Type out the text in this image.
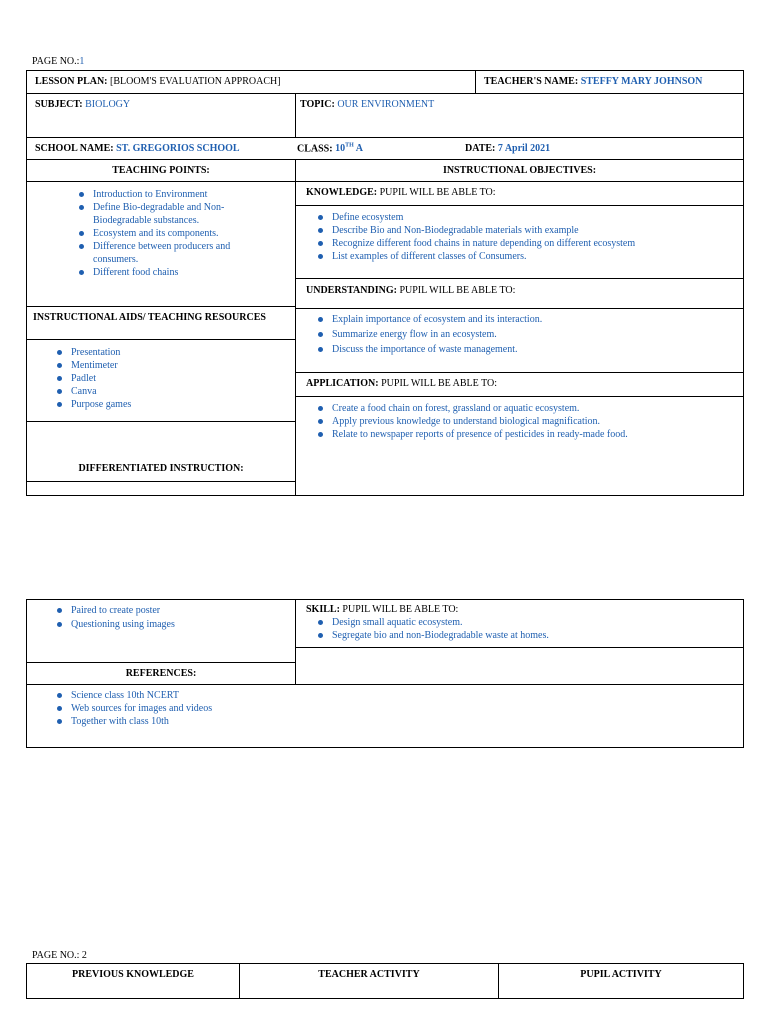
PAGE NO.:1
LESSON PLAN: [BLOOM'S EVALUATION APPROACH]	TEACHER'S NAME: STEFFY MARY JOHNSON
SUBJECT: BIOLOGY	TOPIC: OUR ENVIRONMENT
SCHOOL NAME: ST. GREGORIOS SCHOOL	CLASS: 10TH A	DATE: 7 April 2021
TEACHING POINTS:	INSTRUCTIONAL OBJECTIVES:
Introduction to Environment
Define Bio-degradable and Non-Biodegradable substances.
Ecosystem and its components.
Difference between producers and consumers.
Different food chains
INSTRUCTIONAL AIDS/ TEACHING RESOURCES
Presentation
Mentimeter
Padlet
Canva
Purpose games
DIFFERENTIATED INSTRUCTION:
KNOWLEDGE: PUPIL WILL BE ABLE TO:
Define ecosystem
Describe Bio and Non-Biodegradable materials with example
Recognize different food chains in nature depending on different ecosystem
List examples of different classes of Consumers.
UNDERSTANDING: PUPIL WILL BE ABLE TO:
Explain importance of ecosystem and its interaction.
Summarize energy flow in an ecosystem.
Discuss the importance of waste management.
APPLICATION: PUPIL WILL BE ABLE TO:
Create a food chain on forest, grassland or aquatic ecosystem.
Apply previous knowledge to understand biological magnification.
Relate to newspaper reports of presence of pesticides in ready-made food.
Paired to create poster
Questioning using images
SKILL: PUPIL WILL BE ABLE TO:
Design small aquatic ecosystem.
Segregate bio and non-Biodegradable waste at homes.
REFERENCES:
Science class 10th NCERT
Web sources for images and videos
Together with class 10th
PAGE NO.: 2
PREVIOUS KNOWLEDGE	TEACHER ACTIVITY	PUPIL ACTIVITY
